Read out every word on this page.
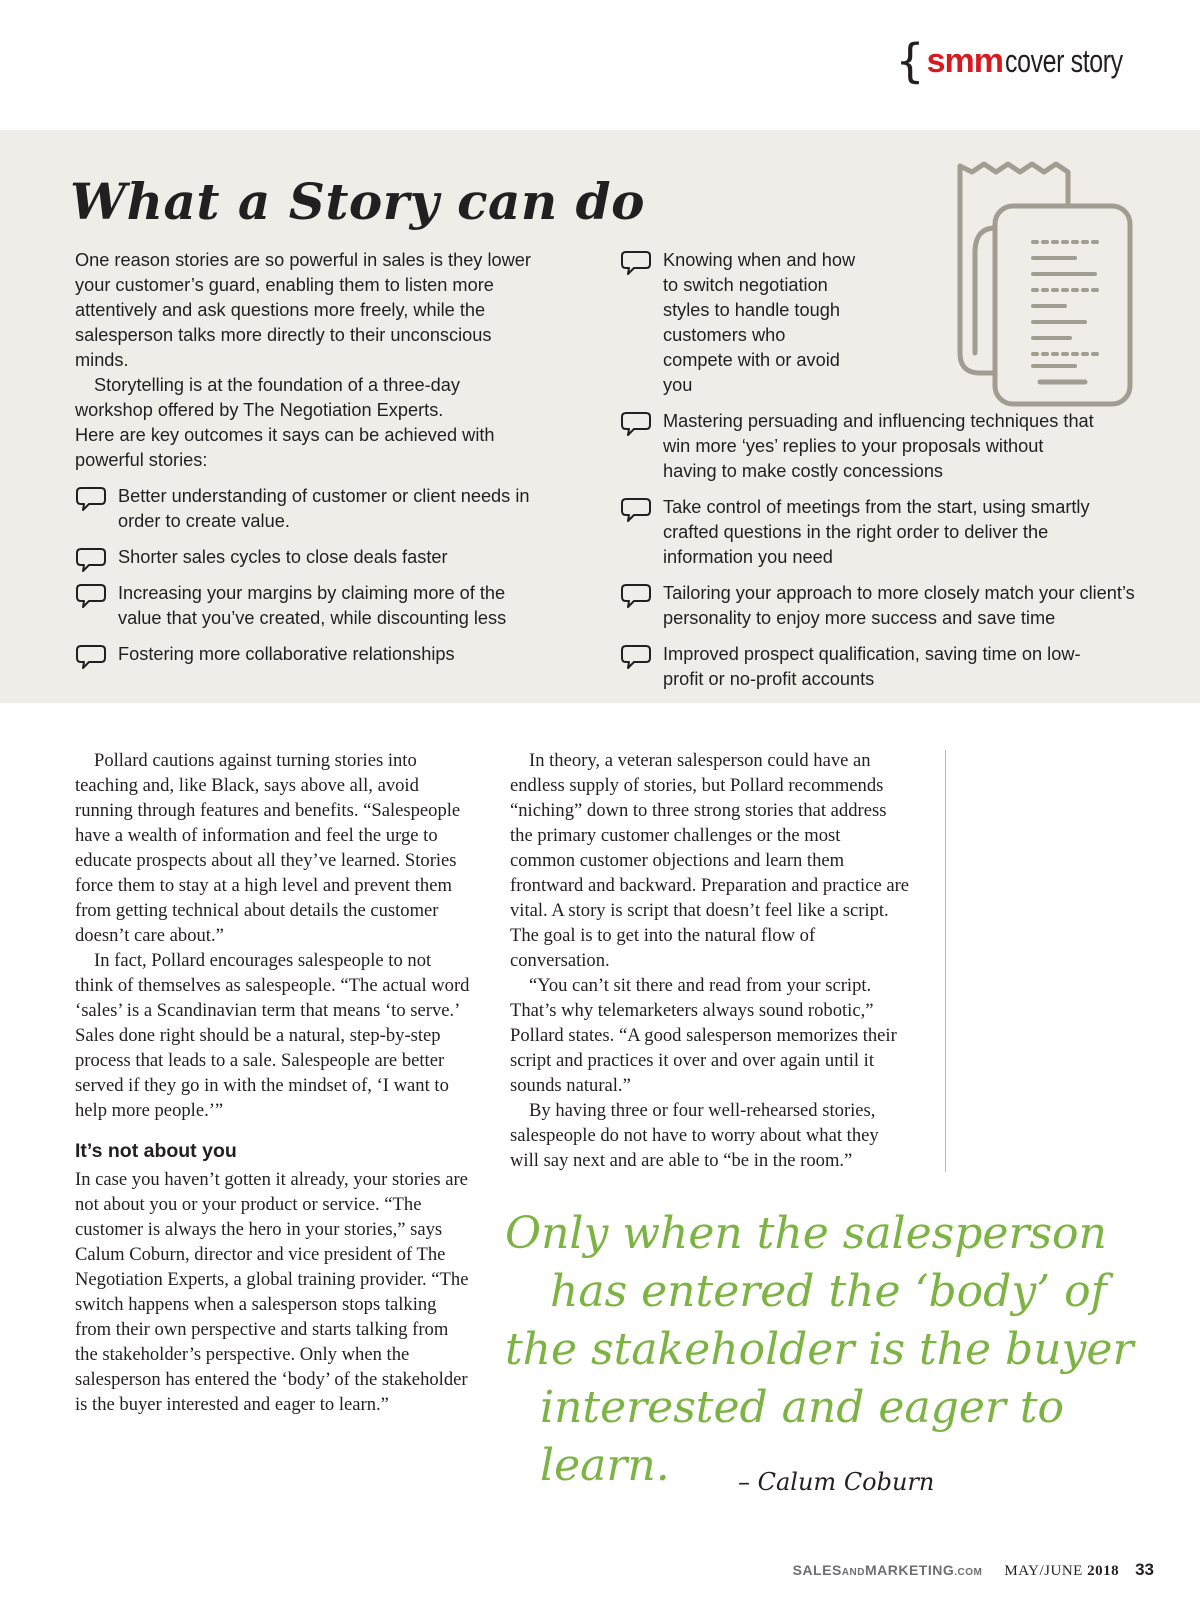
{ smm cover story
What a Story can do

One reason stories are so powerful in sales is they lower your customer’s guard, enabling them to listen more attentively and ask questions more freely, while the salesperson talks more directly to their unconscious minds.

Storytelling is at the foundation of a three-day workshop offered by The Negotiation Experts.

Here are key outcomes it says can be achieved with powerful stories:

Better understanding of customer or client needs in order to create value.
Shorter sales cycles to close deals faster
Increasing your margins by claiming more of the value that you’ve created, while discounting less
Fostering more collaborative relationships
Knowing when and how to switch negotiation styles to handle tough customers who compete with or avoid you
Mastering persuading and influencing techniques that win more ‘yes’ replies to your proposals without having to make costly concessions
Take control of meetings from the start, using smartly crafted questions in the right order to deliver the information you need
Tailoring your approach to more closely match your client’s personality to enjoy more success and save time
Improved prospect qualification, saving time on low-profit or no-profit accounts

Pollard cautions against turning stories into teaching and, like Black, says above all, avoid running through features and benefits. “Salespeople have a wealth of information and feel the urge to educate prospects about all they’ve learned. Stories force them to stay at a high level and prevent them from getting technical about details the customer doesn’t care about.”

In fact, Pollard encourages salespeople to not think of themselves as salespeople. “The actual word ‘sales’ is a Scandinavian term that means ‘to serve.’ Sales done right should be a natural, step-by-step process that leads to a sale. Salespeople are better served if they go in with the mindset of, ‘I want to help more people.’”

It’s not about you

In case you haven’t gotten it already, your stories are not about you or your product or service. “The customer is always the hero in your stories,” says Calum Coburn, director and vice president of The Negotiation Experts, a global training provider. “The switch happens when a salesperson stops talking from their own perspective and starts talking from the stakeholder’s perspective. Only when the salesperson has entered the ‘body’ of the stakeholder is the buyer interested and eager to learn.”

In theory, a veteran salesperson could have an endless supply of stories, but Pollard recommends “niching” down to three strong stories that address the primary customer challenges or the most common customer objections and learn them frontward and backward. Preparation and practice are vital. A story is script that doesn’t feel like a script. The goal is to get into the natural flow of conversation.

“You can’t sit there and read from your script. That’s why telemarketers always sound robotic,” Pollard states. “A good salesperson memorizes their script and practices it over and over again until it sounds natural.”

By having three or four well-rehearsed stories, salespeople do not have to worry about what they will say next and are able to “be in the room.”

Only when the salesperson
has entered the ‘body’ of
the stakeholder is the buyer
interested and eager to learn.	– Calum Coburn
SALESANDMARKETING.COM MAY/JUNE 2018 33
